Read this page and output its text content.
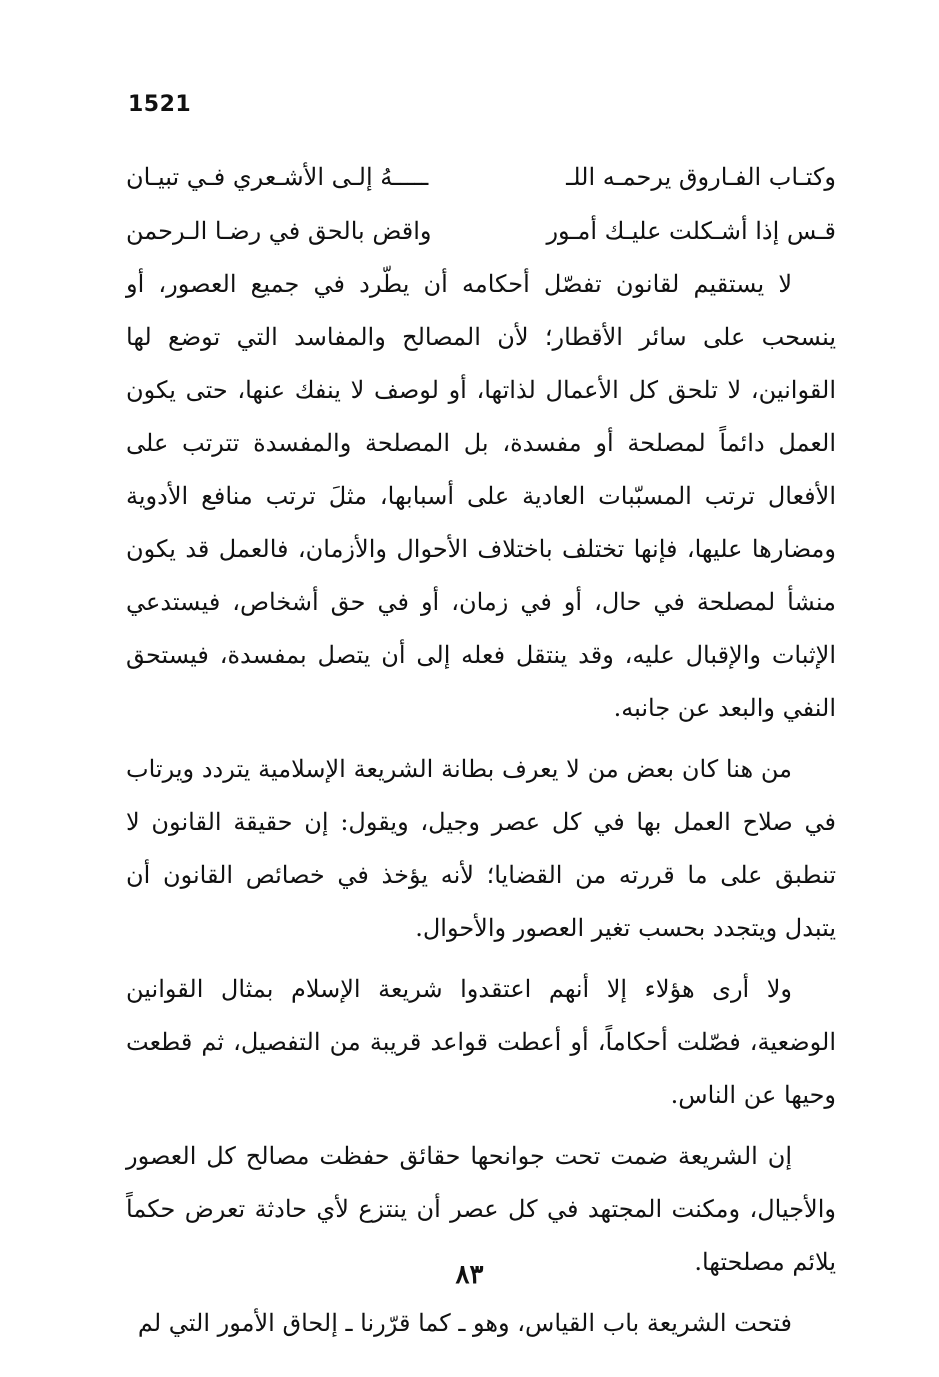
1521
وكتـاب الفـاروق يرحمـه اللـ
ـــــهُ إلـى الأشـعري فـي تبيـان
قـس إذا أشـكلت عليـك أمـور
واقض بالحق في رضـا الـرحمن

لا يستقيم لقانون تفصّل أحكامه أن يطّرد في جميع العصور، أو ينسحب على سائر الأقطار؛ لأن المصالح والمفاسد التي توضع لها القوانين، لا تلحق كل الأعمال لذاتها، أو لوصف لا ينفك عنها، حتى يكون العمل دائماً لمصلحة أو مفسدة، بل المصلحة والمفسدة تترتب على الأفعال ترتب المسبّبات العادية على أسبابها، مثلَ ترتب منافع الأدوية ومضارها عليها، فإنها تختلف باختلاف الأحوال والأزمان، فالعمل قد يكون منشأ لمصلحة في حال، أو في زمان، أو في حق أشخاص، فيستدعي الإثبات والإقبال عليه، وقد ينتقل فعله إلى أن يتصل بمفسدة، فيستحق النفي والبعد عن جانبه.

من هنا كان بعض من لا يعرف بطانة الشريعة الإسلامية يتردد ويرتاب في صلاح العمل بها في كل عصر وجيل، ويقول: إن حقيقة القانون لا تنطبق على ما قررته من القضايا؛ لأنه يؤخذ في خصائص القانون أن يتبدل ويتجدد بحسب تغير العصور والأحوال.

ولا أرى هؤلاء إلا أنهم اعتقدوا شريعة الإسلام بمثال القوانين الوضعية، فصّلت أحكاماً، أو أعطت قواعد قريبة من التفصيل، ثم قطعت وحيها عن الناس.

إن الشريعة ضمت تحت جوانحها حقائق حفظت مصالح كل العصور والأجيال، ومكنت المجتهد في كل عصر أن ينتزع لأي حادثة تعرض حكماً يلائم مصلحتها.

فتحت الشريعة باب القياس، وهو ـ كما قرّرنا ـ إلحاق الأمور التي لم

٨٣
